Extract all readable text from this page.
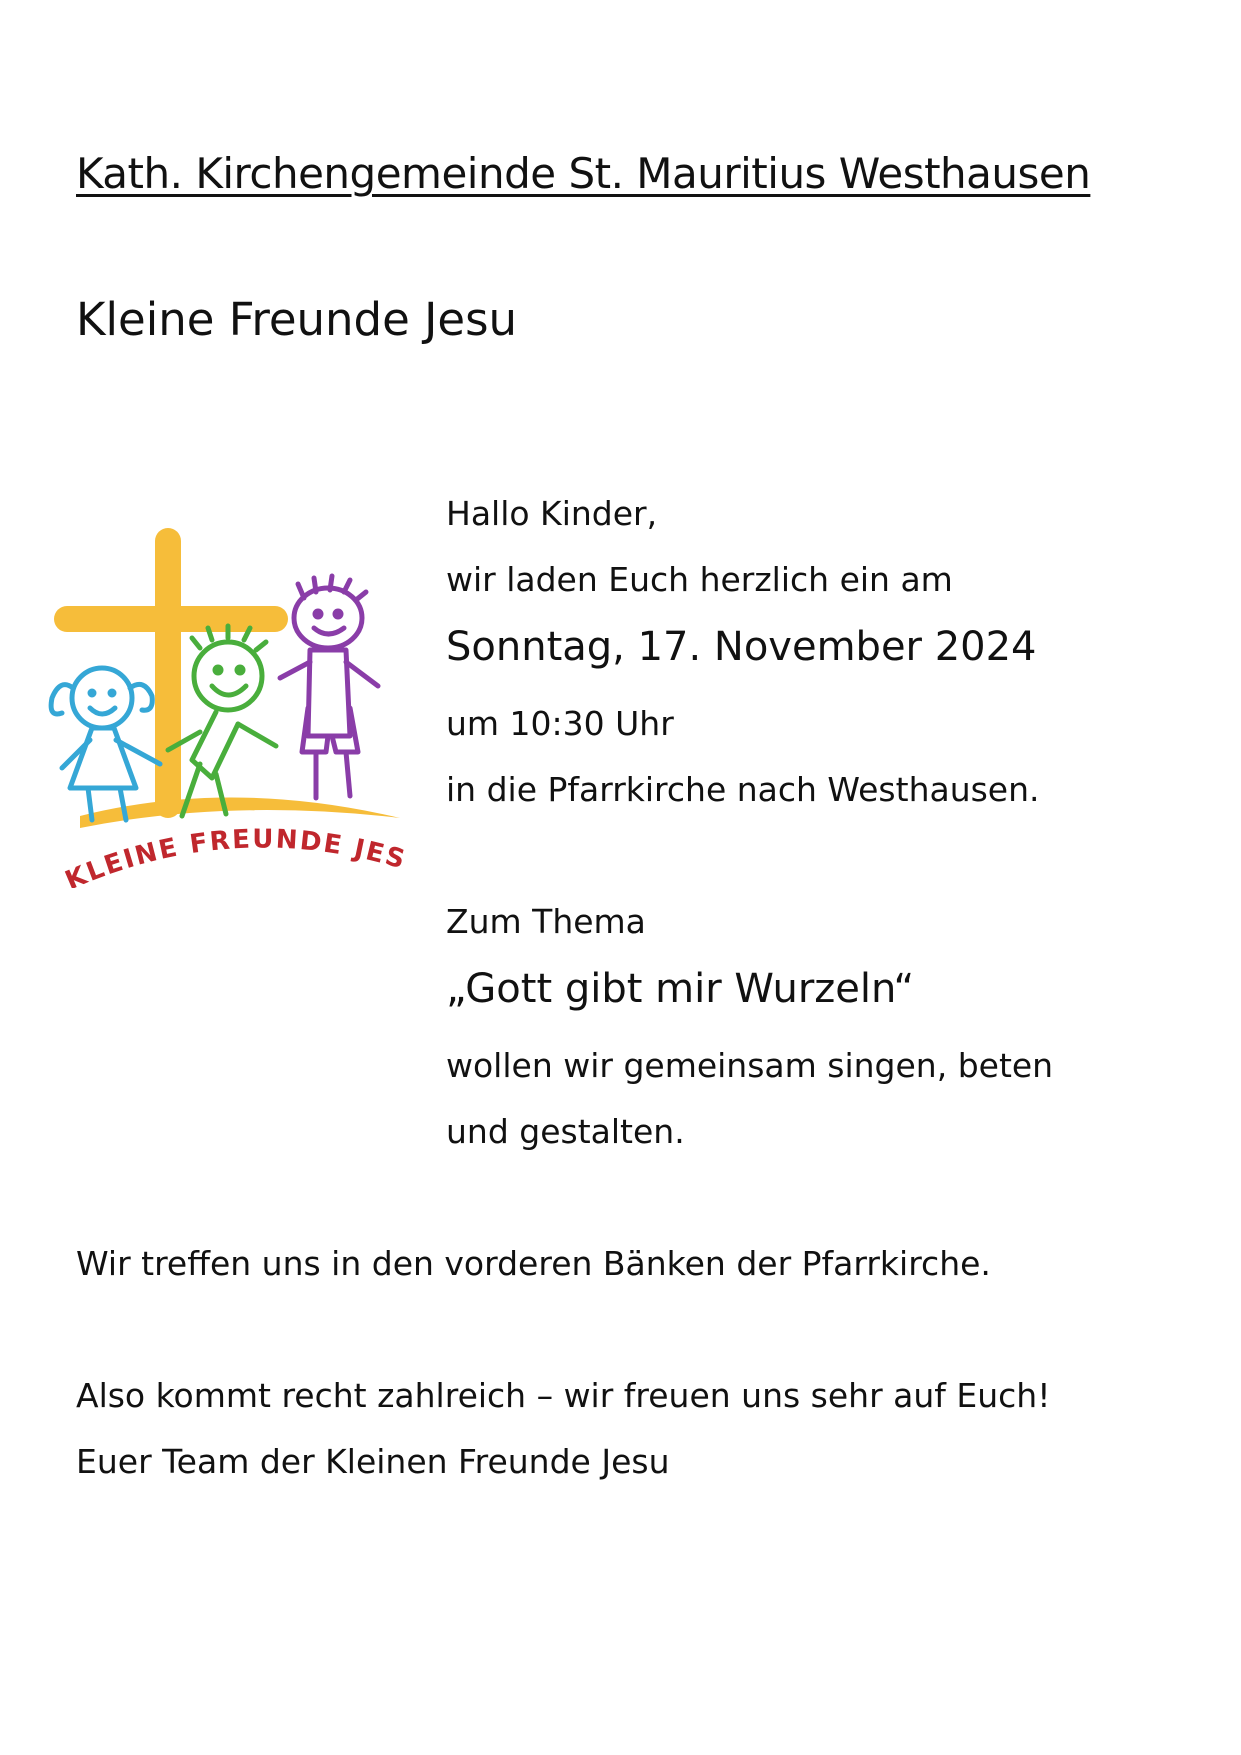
Kath. Kirchengemeinde St. Mauritius Westhausen
Kleine Freunde Jesu
KLEINE FREUNDE JES
Hallo Kinder,
wir laden Euch herzlich ein am
Sonntag, 17. November 2024
um 10:30 Uhr
in die Pfarrkirche nach Westhausen.
Zum Thema
„Gott gibt mir Wurzeln“
wollen wir gemeinsam singen, beten
und gestalten.
Wir treffen uns in den vorderen Bänken der Pfarrkirche.
Also kommt recht zahlreich – wir freuen uns sehr auf Euch!
Euer Team der Kleinen Freunde Jesu
